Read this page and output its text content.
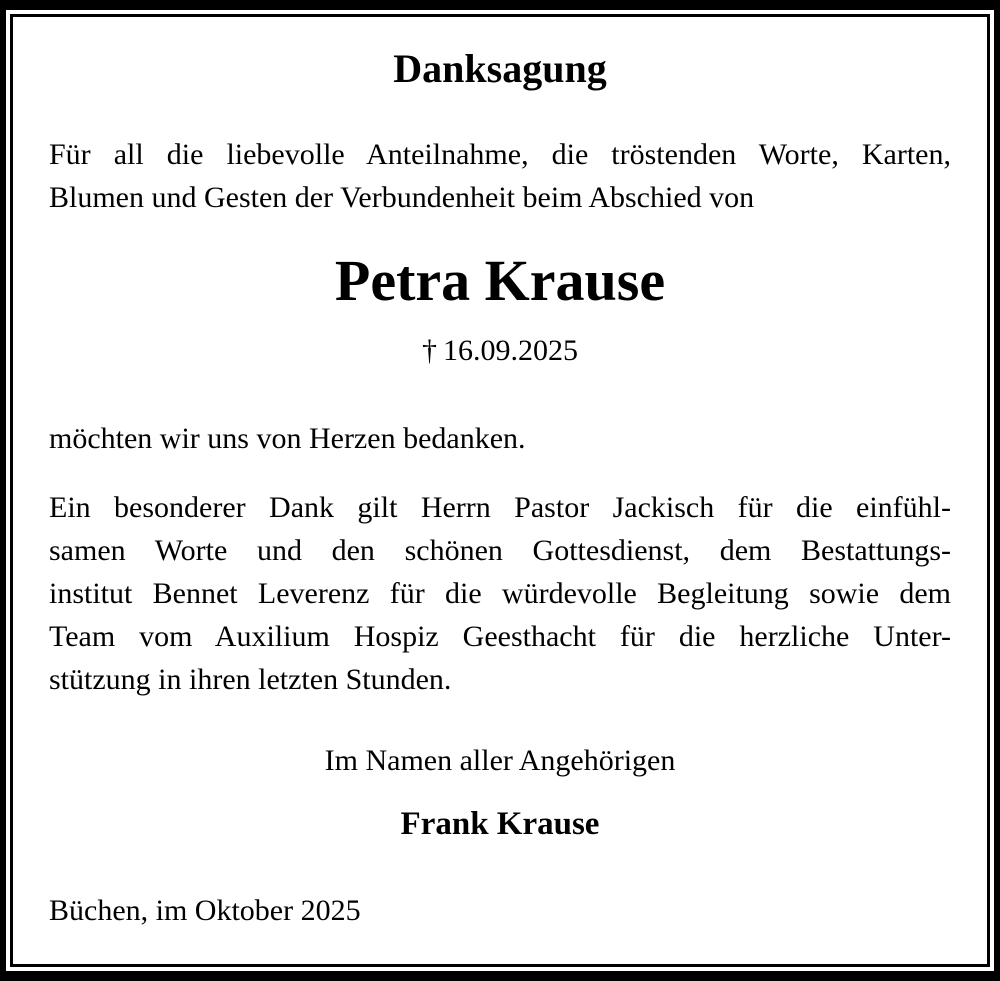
Danksagung
Für all die liebevolle Anteilnahme, die tröstenden Worte, Karten,
Blumen und Gesten der Verbundenheit beim Abschied von
Petra Krause
† 16.09.2025
möchten wir uns von Herzen bedanken.
Ein besonderer Dank gilt Herrn Pastor Jackisch für die einfühl-
samen Worte und den schönen Gottesdienst, dem Bestattungs-
institut Bennet Leverenz für die würdevolle Begleitung sowie dem
Team vom Auxilium Hospiz Geesthacht für die herzliche Unter-
stützung in ihren letzten Stunden.
Im Namen aller Angehörigen
Frank Krause
Büchen, im Oktober 2025
